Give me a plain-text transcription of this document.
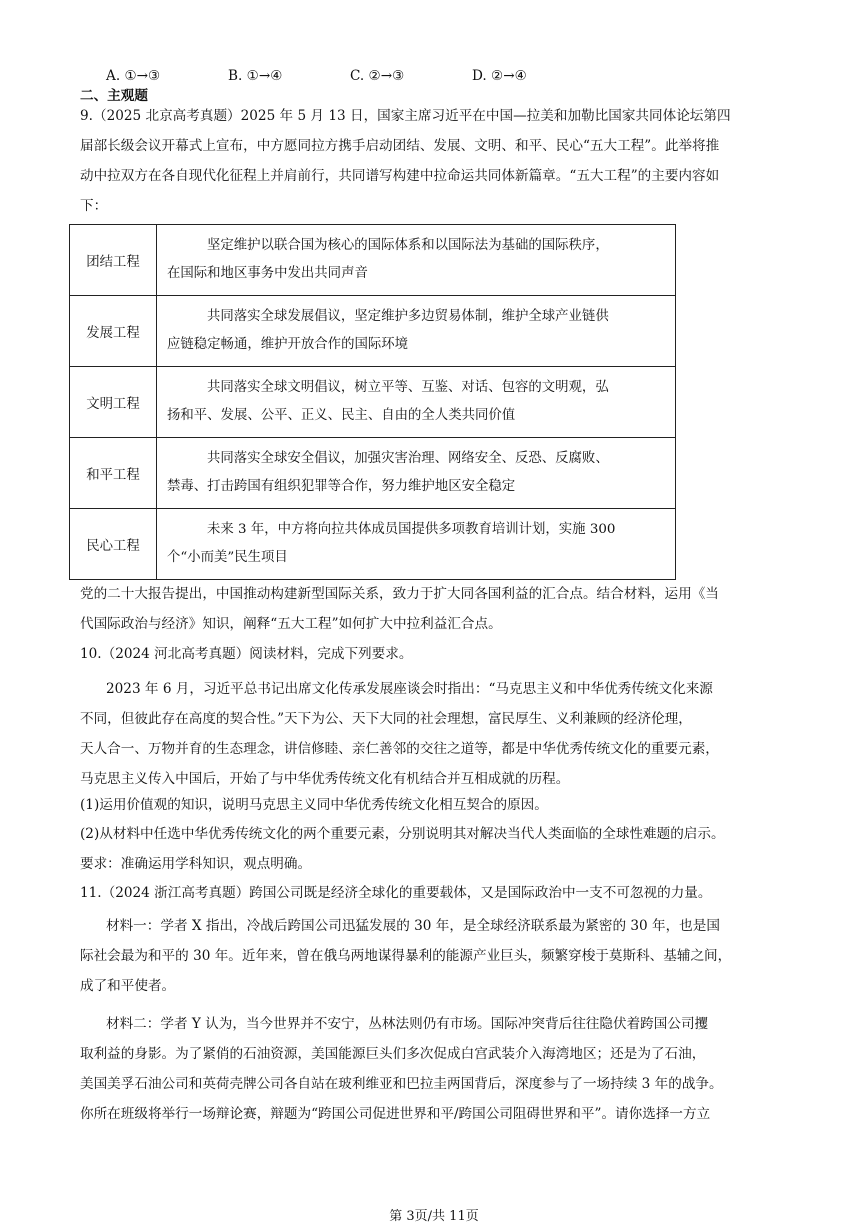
A. ①→③	B. ①→④	C. ②→③	D. ②→④
二、主观题
9.（2025 北京高考真题）2025 年 5 月 13 日，国家主席习近平在中国—拉美和加勒比国家共同体论坛第四
届部长级会议开幕式上宣布，中方愿同拉方携手启动团结、发展、文明、和平、民心“五大工程”。此举将推
动中拉双方在各自现代化征程上并肩前行，共同谱写构建中拉命运共同体新篇章。“五大工程”的主要内容如
下：
团结工程	坚定维护以联合国为核心的国际体系和以国际法为基础的国际秩序，
在国际和地区事务中发出共同声音

发展工程	共同落实全球发展倡议，坚定维护多边贸易体制，维护全球产业链供
应链稳定畅通，维护开放合作的国际环境

文明工程	共同落实全球文明倡议，树立平等、互鉴、对话、包容的文明观，弘
扬和平、发展、公平、正义、民主、自由的全人类共同价值

和平工程	共同落实全球安全倡议，加强灾害治理、网络安全、反恐、反腐败、
禁毒、打击跨国有组织犯罪等合作，努力维护地区安全稳定

民心工程	未来 3 年，中方将向拉共体成员国提供多项教育培训计划，实施 300
个“小而美”民生项目
党的二十大报告提出，中国推动构建新型国际关系，致力于扩大同各国利益的汇合点。结合材料，运用《当
代国际政治与经济》知识，阐释“五大工程”如何扩大中拉利益汇合点。
10.（2024 河北高考真题）阅读材料，完成下列要求。
2023 年 6 月，习近平总书记出席文化传承发展座谈会时指出：“马克思主义和中华优秀传统文化来源
不同，但彼此存在高度的契合性。”天下为公、天下大同的社会理想，富民厚生、义利兼顾的经济伦理，
天人合一、万物并育的生态理念，讲信修睦、亲仁善邻的交往之道等，都是中华优秀传统文化的重要元素，
马克思主义传入中国后，开始了与中华优秀传统文化有机结合并互相成就的历程。
(1)运用价值观的知识，说明马克思主义同中华优秀传统文化相互契合的原因。
(2)从材料中任选中华优秀传统文化的两个重要元素，分别说明其对解决当代人类面临的全球性难题的启示。
要求：准确运用学科知识，观点明确。
11.（2024 浙江高考真题）跨国公司既是经济全球化的重要载体，又是国际政治中一支不可忽视的力量。
材料一：学者 X 指出，冷战后跨国公司迅猛发展的 30 年，是全球经济联系最为紧密的 30 年，也是国
际社会最为和平的 30 年。近年来，曾在俄乌两地谋得暴利的能源产业巨头，频繁穿梭于莫斯科、基辅之间，
成了和平使者。
材料二：学者 Y 认为，当今世界并不安宁，丛林法则仍有市场。国际冲突背后往往隐伏着跨国公司攫
取利益的身影。为了紧俏的石油资源，美国能源巨头们多次促成白宫武装介入海湾地区；还是为了石油，
美国美孚石油公司和英荷壳牌公司各自站在玻利维亚和巴拉圭两国背后，深度参与了一场持续 3 年的战争。
你所在班级将举行一场辩论赛，辩题为“跨国公司促进世界和平/跨国公司阻碍世界和平”。请你选择一方立
第 3页/共 11页
